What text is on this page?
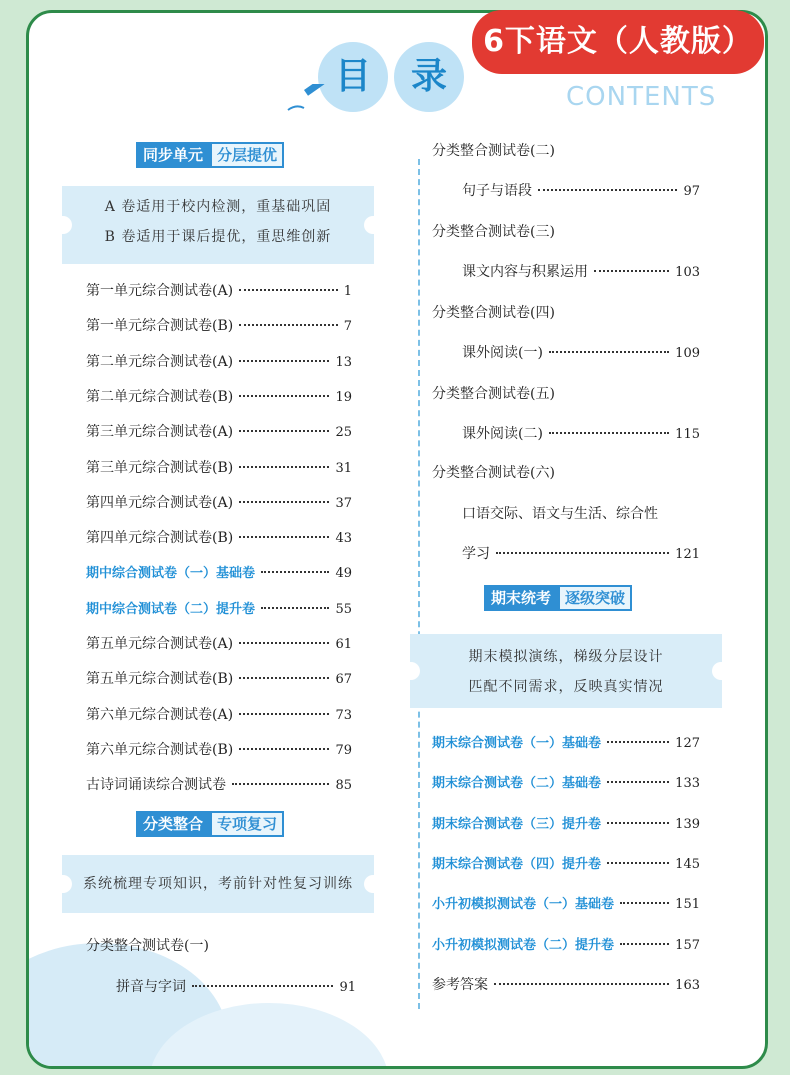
6下语文（人教版）
目	录	CONTENTS
同步单元 分层提优
A 卷适用于校内检测，重基础巩固
B 卷适用于课后提优，重思维创新
第一单元综合测试卷(A)	1
第一单元综合测试卷(B)	7
第二单元综合测试卷(A)	13
第二单元综合测试卷(B)	19
第三单元综合测试卷(A)	25
第三单元综合测试卷(B)	31
第四单元综合测试卷(A)	37
第四单元综合测试卷(B)	43
期中综合测试卷（一）基础卷	49
期中综合测试卷（二）提升卷	55
第五单元综合测试卷(A)	61
第五单元综合测试卷(B)	67
第六单元综合测试卷(A)	73
第六单元综合测试卷(B)	79
古诗词诵读综合测试卷	85
分类整合 专项复习
系统梳理专项知识，考前针对性复习训练
分类整合测试卷(一)
拼音与字词	91
分类整合测试卷(二)
句子与语段	97
分类整合测试卷(三)
课文内容与积累运用	103
分类整合测试卷(四)
课外阅读(一)	109
分类整合测试卷(五)
课外阅读(二)	115
分类整合测试卷(六)
口语交际、语文与生活、综合性
学习	121
期末统考 逐级突破
期末模拟演练，梯级分层设计
匹配不同需求，反映真实情况
期末综合测试卷（一）基础卷	127
期末综合测试卷（二）基础卷	133
期末综合测试卷（三）提升卷	139
期末综合测试卷（四）提升卷	145
小升初模拟测试卷（一）基础卷	151
小升初模拟测试卷（二）提升卷	157
参考答案	163
